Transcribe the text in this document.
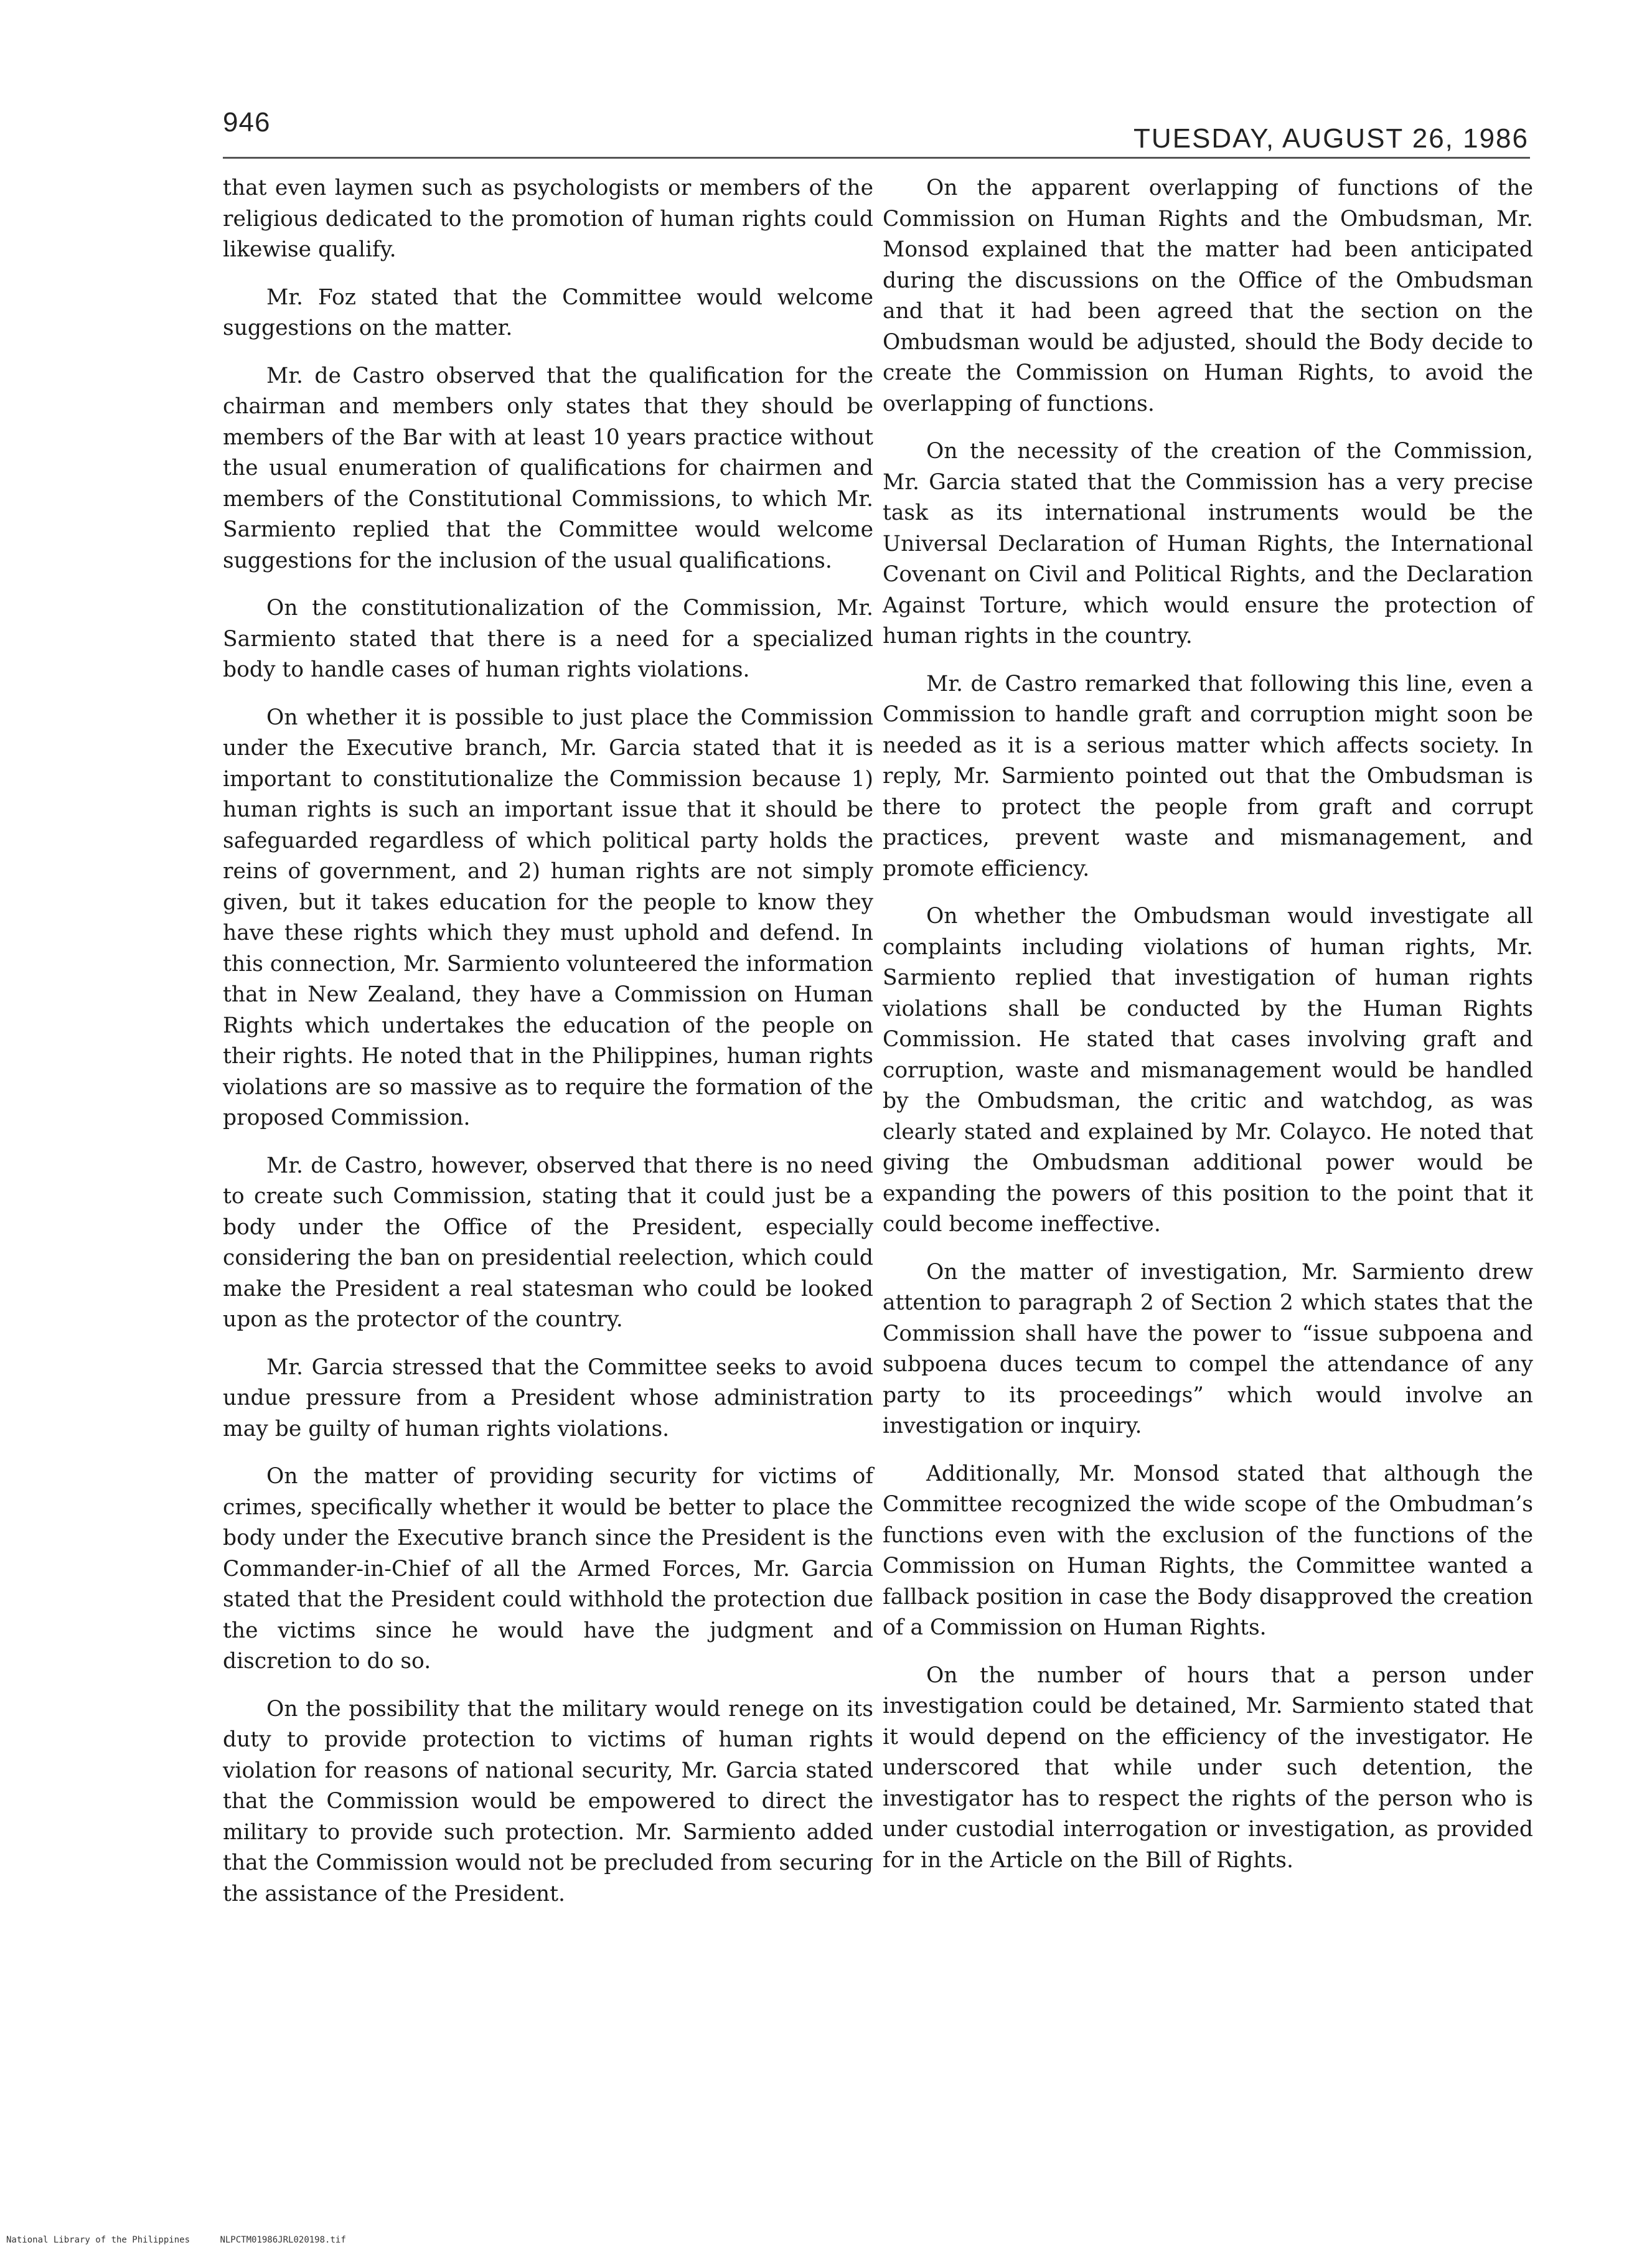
946
TUESDAY, AUGUST 26, 1986

that even laymen such as psychologists or members of the religious dedicated to the promotion of human rights could likewise qualify.

Mr. Foz stated that the Committee would welcome suggestions on the matter.

Mr. de Castro observed that the qualification for the chairman and members only states that they should be members of the Bar with at least 10 years practice without the usual enumeration of qualifications for chairmen and members of the Constitutional Commissions, to which Mr. Sarmiento replied that the Committee would welcome suggestions for the inclusion of the usual qualifications.

On the constitutionalization of the Commission, Mr. Sarmiento stated that there is a need for a specialized body to handle cases of human rights violations.

On whether it is possible to just place the Commission under the Executive branch, Mr. Garcia stated that it is important to constitutionalize the Commission because 1) human rights is such an important issue that it should be safeguarded regardless of which political party holds the reins of government, and 2) human rights are not simply given, but it takes education for the people to know they have these rights which they must uphold and defend. In this connection, Mr. Sarmiento volunteered the information that in New Zealand, they have a Commission on Human Rights which undertakes the education of the people on their rights. He noted that in the Philippines, human rights violations are so massive as to require the formation of the proposed Commission.

Mr. de Castro, however, observed that there is no need to create such Commission, stating that it could just be a body under the Office of the President, especially considering the ban on presidential reelection, which could make the President a real statesman who could be looked upon as the protector of the country.

Mr. Garcia stressed that the Committee seeks to avoid undue pressure from a President whose administration may be guilty of human rights violations.

On the matter of providing security for victims of crimes, specifically whether it would be better to place the body under the Executive branch since the President is the Commander-in-Chief of all the Armed Forces, Mr. Garcia stated that the President could withhold the protection due the victims since he would have the judgment and discretion to do so.

On the possibility that the military would renege on its duty to provide protection to victims of human rights violation for reasons of national security, Mr. Garcia stated that the Commission would be empowered to direct the military to provide such protection. Mr. Sarmiento added that the Commission would not be precluded from securing the assistance of the President.

On the apparent overlapping of functions of the Commission on Human Rights and the Ombudsman, Mr. Monsod explained that the matter had been anticipated during the discussions on the Office of the Ombudsman and that it had been agreed that the section on the Ombudsman would be adjusted, should the Body decide to create the Commission on Human Rights, to avoid the overlapping of functions.

On the necessity of the creation of the Commission, Mr. Garcia stated that the Commission has a very precise task as its international instruments would be the Universal Declaration of Human Rights, the International Covenant on Civil and Political Rights, and the Declaration Against Torture, which would ensure the protection of human rights in the country.

Mr. de Castro remarked that following this line, even a Commission to handle graft and corruption might soon be needed as it is a serious matter which affects society. In reply, Mr. Sarmiento pointed out that the Ombudsman is there to protect the people from graft and corrupt practices, prevent waste and mismanagement, and promote efficiency.

On whether the Ombudsman would investigate all complaints including violations of human rights, Mr. Sarmiento replied that investigation of human rights violations shall be conducted by the Human Rights Commission. He stated that cases involving graft and corruption, waste and mismanagement would be handled by the Ombudsman, the critic and watchdog, as was clearly stated and explained by Mr. Colayco. He noted that giving the Ombudsman additional power would be expanding the powers of this position to the point that it could become ineffective.

On the matter of investigation, Mr. Sarmiento drew attention to paragraph 2 of Section 2 which states that the Commission shall have the power to “issue subpoena and subpoena duces tecum to compel the attendance of any party to its proceedings” which would involve an investigation or inquiry.

Additionally, Mr. Monsod stated that although the Committee recognized the wide scope of the Ombudman’s functions even with the exclusion of the functions of the Commission on Human Rights, the Committee wanted a fallback position in case the Body disapproved the creation of a Commission on Human Rights.

On the number of hours that a person under investigation could be detained, Mr. Sarmiento stated that it would depend on the efficiency of the investigator. He underscored that while under such detention, the investigator has to respect the rights of the person who is under custodial interrogation or investigation, as provided for in the Article on the Bill of Rights.

National Library of the Philippines	NLPCTM01986JRL020198.tif
